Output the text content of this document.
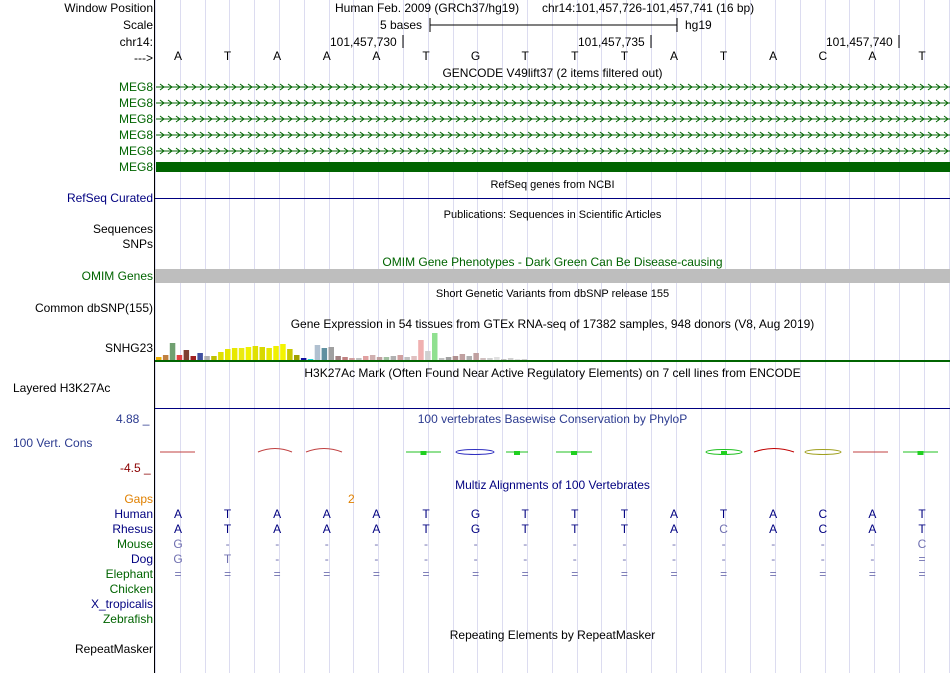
Window Position
Scale
chr14:
--->
Human Feb. 2009 (GRCh37/hg19) chr14:101,457,726-101,457,741 (16 bp)
5 bases	hg19
101,457,730	101,457,735	101,457,740
A	T	A	A	A	T	G	T	T	T	A	T	A	C	A	T
GENCODE V49lift37 (2 items filtered out)
MEG8
MEG8
MEG8
MEG8
MEG8
MEG8
RefSeq genes from NCBI
RefSeq Curated
Publications: Sequences in Scientific Articles
Sequences
SNPs
OMIM Gene Phenotypes - Dark Green Can Be Disease-causing
OMIM Genes
Short Genetic Variants from dbSNP release 155
Common dbSNP(155)
Gene Expression in 54 tissues from GTEx RNA-seq of 17382 samples, 948 donors (V8, Aug 2019)
SNHG23
H3K27Ac Mark (Often Found Near Active Regulatory Elements) on 7 cell lines from ENCODE
Layered H3K27Ac
100 vertebrates Basewise Conservation by PhyloP
4.88 _
100 Vert. Cons
-4.5 _
Gaps	2
Multiz Alignments of 100 Vertebrates
Human A	T	A	A	A	T	G	T	T	T	A	T	A	C	A	T
Rhesus A	T	A	A	A	T	G	T	T	T	A	C	A	C	A	T
Mouse G	-	-	-	-	-	-	-	-	-	-	-	-	-	-	C
Dog G	T	-	-	-	-	-	-	-	-	-	-	-	-	-	=
Elephant =	=	=	=	=	=	=	=	=	=	=	=	=	=	=	=
Chicken
X_tropicalis
Zebrafish
Repeating Elements by RepeatMasker
RepeatMasker
